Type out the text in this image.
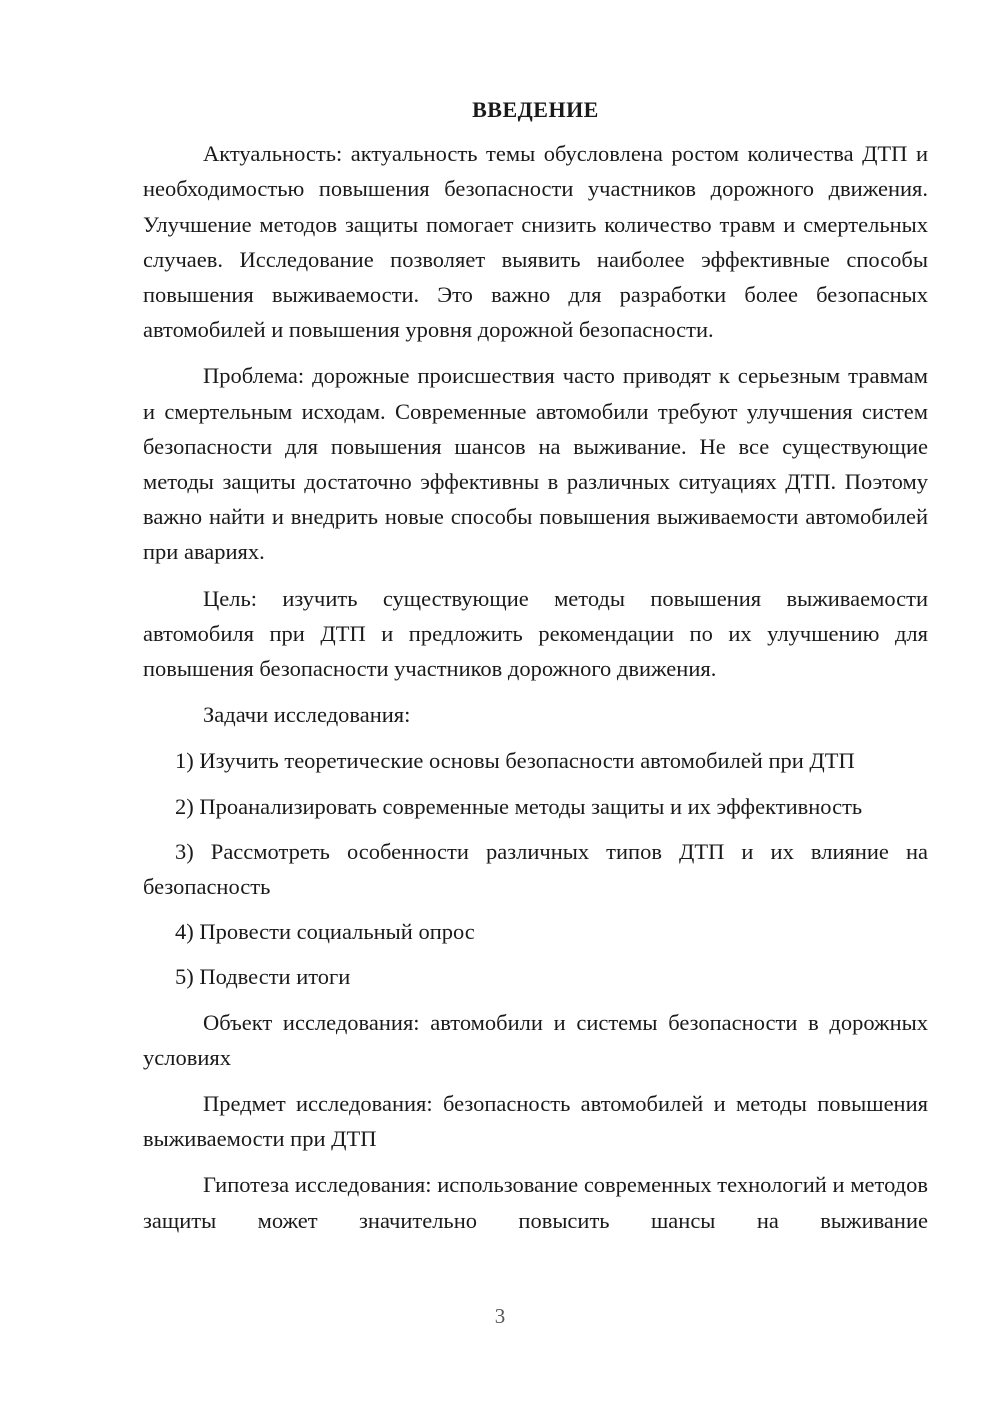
ВВЕДЕНИЕ

Актуальность: актуальность темы обусловлена ростом количества ДТП и необходимостью повышения безопасности участников дорожного движения. Улучшение методов защиты помогает снизить количество травм и смертельных случаев. Исследование позволяет выявить наиболее эффективные способы повышения выживаемости. Это важно для разработки более безопасных автомобилей и повышения уровня дорожной безопасности.

Проблема: дорожные происшествия часто приводят к серьезным травмам и смертельным исходам. Современные автомобили требуют улучшения систем безопасности для повышения шансов на выживание. Не все существующие методы защиты достаточно эффективны в различных ситуациях ДТП. Поэтому важно найти и внедрить новые способы повышения выживаемости автомобилей при авариях.

Цель: изучить существующие методы повышения выживаемости автомобиля при ДТП и предложить рекомендации по их улучшению для повышения безопасности участников дорожного движения.

Задачи исследования:

1) Изучить теоретические основы безопасности автомобилей при ДТП

2) Проанализировать современные методы защиты и их эффективность

3) Рассмотреть особенности различных типов ДТП и их влияние на безопасность

4) Провести социальный опрос

5) Подвести итоги

Объект исследования: автомобили и системы безопасности в дорожных условиях

Предмет исследования: безопасность автомобилей и методы повышения выживаемости при ДТП

Гипотеза исследования: использование современных технологий и методов защиты может значительно повысить шансы на выживание

3
